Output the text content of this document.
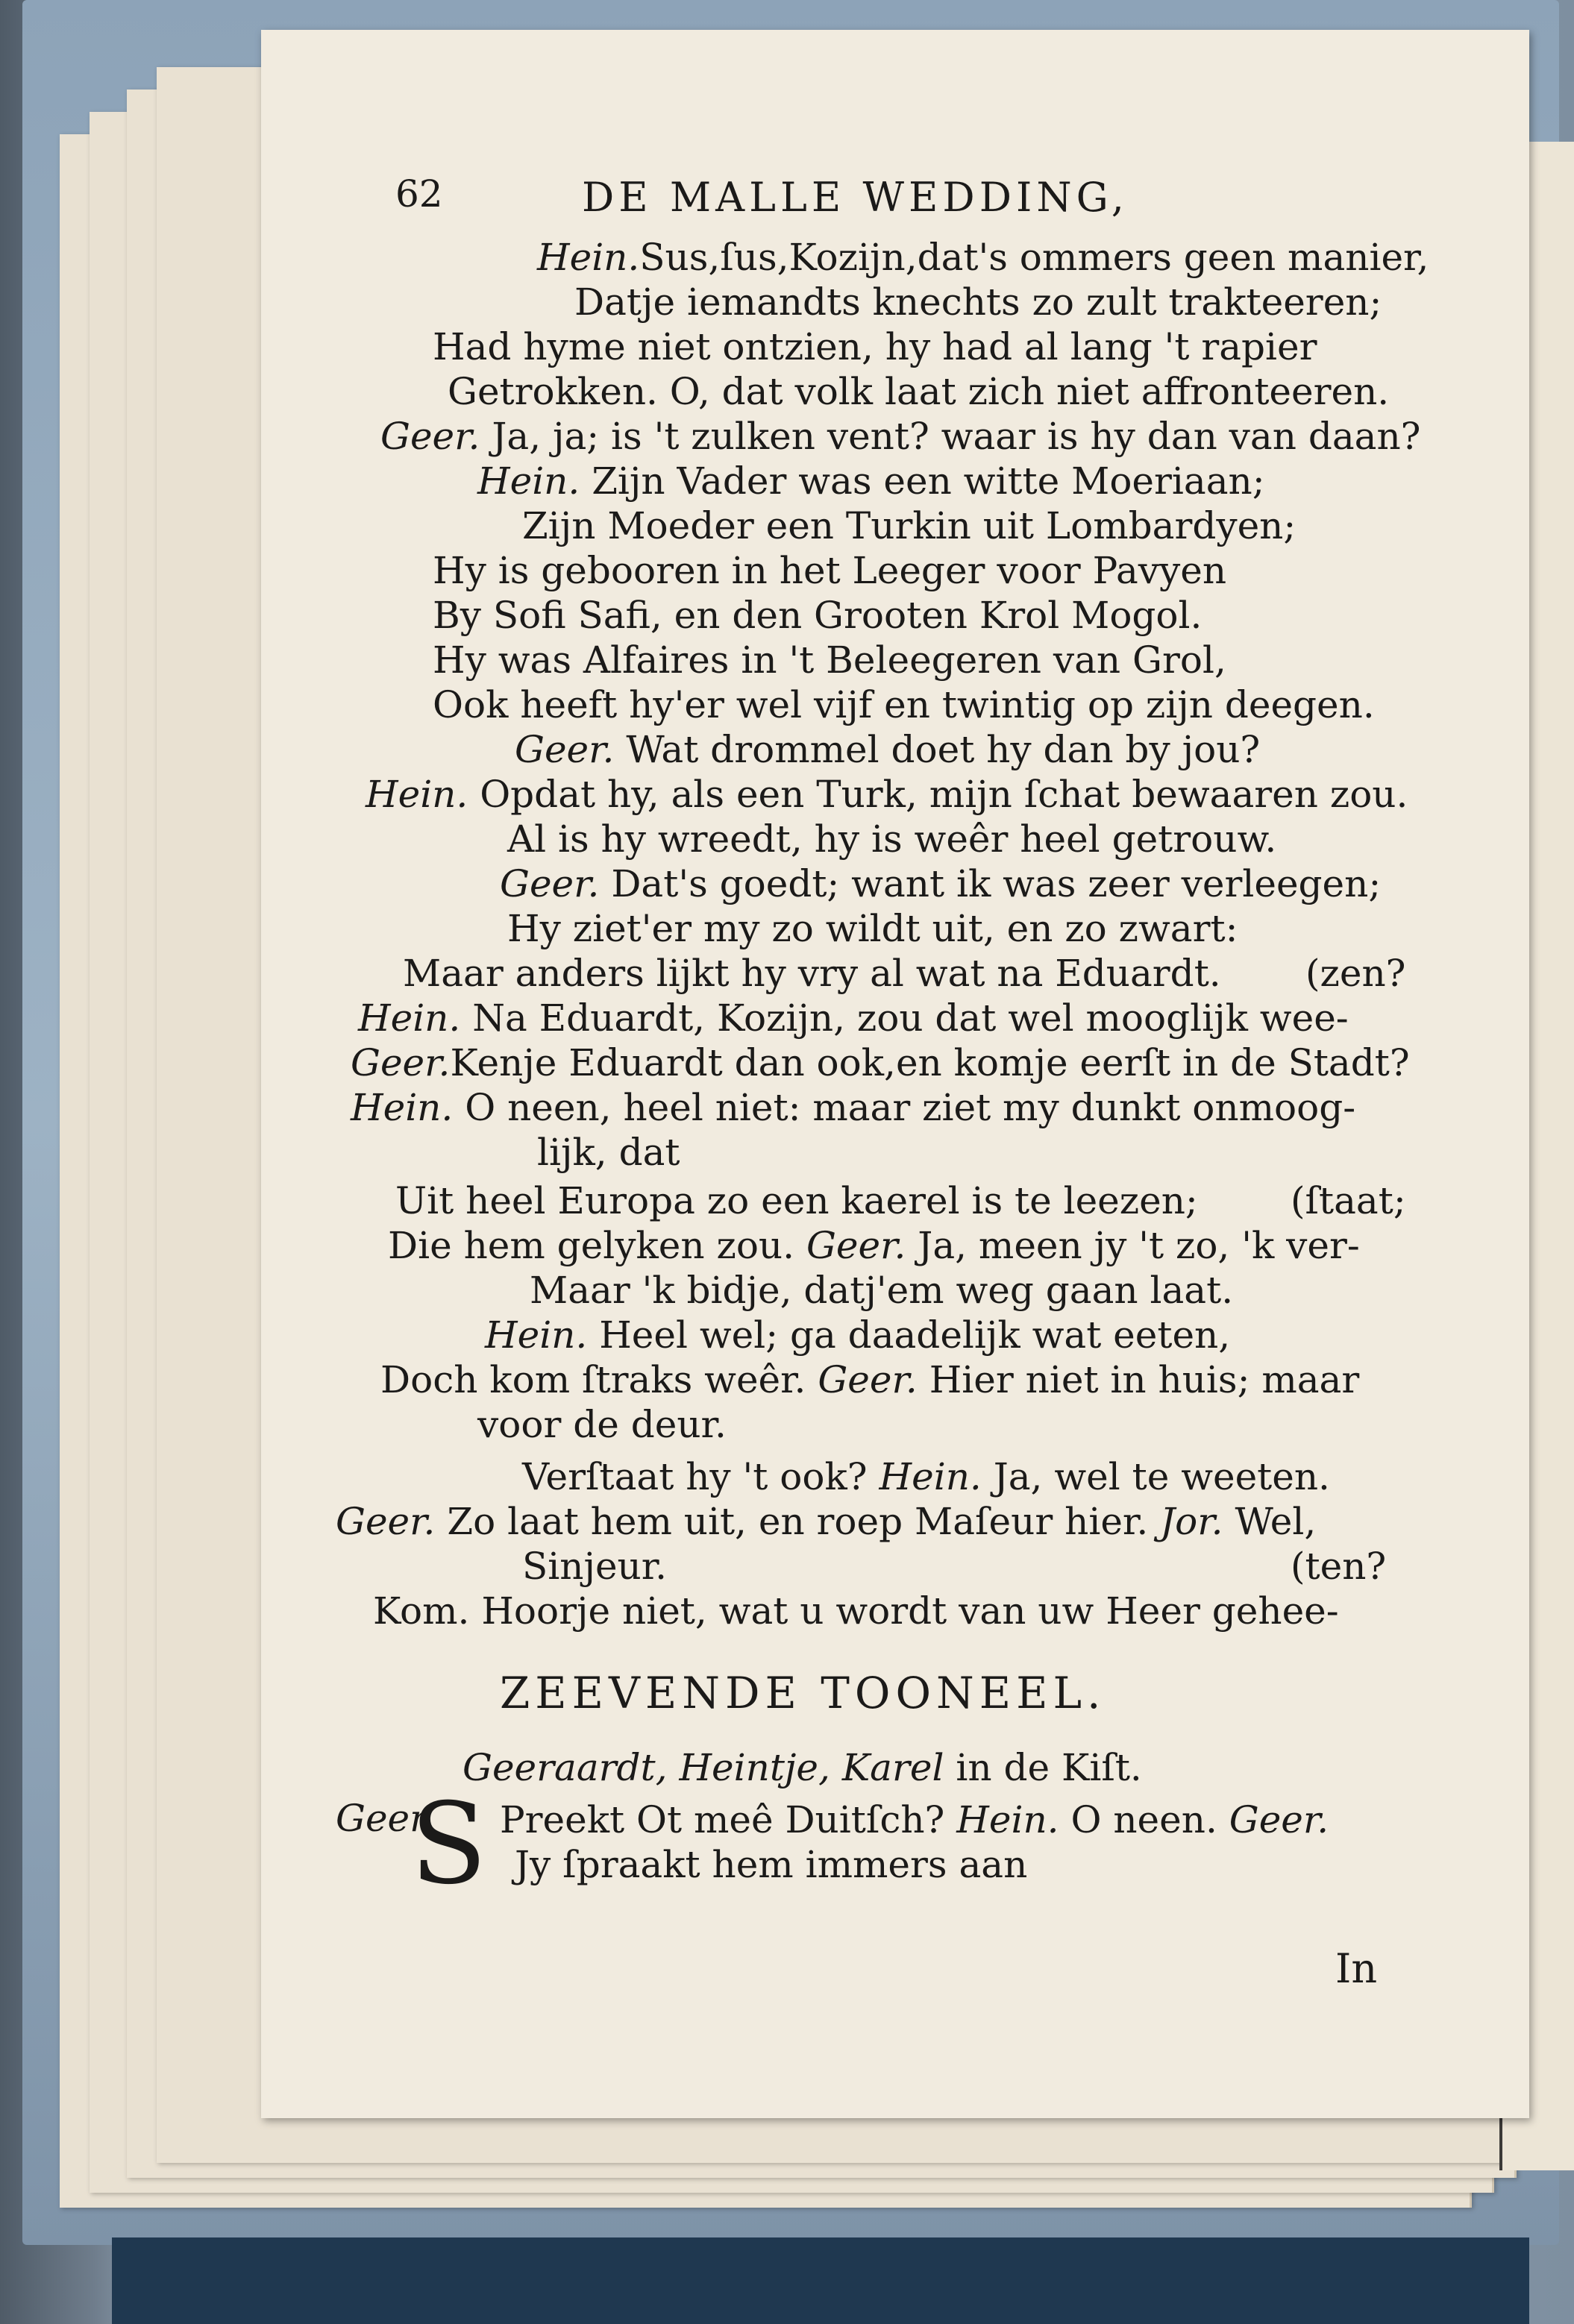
62	DE MALLE WEDDING,
Hein.Sus,ſus,Kozijn,dat's ommers geen manier,
Datje iemandts knechts zo zult trakteeren;
Had hyme niet ontzien, hy had al lang 't rapier
Getrokken. O, dat volk laat zich niet affronteeren.
Geer. Ja, ja; is 't zulken vent? waar is hy dan van daan?
Hein. Zijn Vader was een witte Moeriaan;
Zijn Moeder een Turkin uit Lombardyen;
Hy is gebooren in het Leeger voor Pavyen
By Sofi Safi, en den Grooten Krol Mogol.
Hy was Alfaires in 't Beleegeren van Grol,
Ook heeft hy'er wel vijf en twintig op zijn deegen.
Geer. Wat drommel doet hy dan by jou?
Hein. Opdat hy, als een Turk, mijn ſchat bewaaren zou.
Al is hy wreedt, hy is weêr heel getrouw.
Geer. Dat's goedt; want ik was zeer verleegen;
Hy ziet'er my zo wildt uit, en zo zwart:
Maar anders lijkt hy vry al wat na Eduardt. (zen?
Hein. Na Eduardt, Kozijn, zou dat wel mooglijk wee-
Geer.Kenje Eduardt dan ook,en komje eerſt in de Stadt?
Hein. O neen, heel niet: maar ziet my dunkt onmoog-
lijk, dat
Uit heel Europa zo een kaerel is te leezen; (ſtaat;
Die hem gelyken zou. Geer. Ja, meen jy 't zo, 'k ver-
Maar 'k bidje, datj'em weg gaan laat.
Hein. Heel wel; ga daadelijk wat eeten,
Doch kom ſtraks weêr. Geer. Hier niet in huis; maar
voor de deur.
Verſtaat hy 't ook? Hein. Ja, wel te weeten.
Geer. Zo laat hem uit, en roep Maſeur hier. Jor. Wel,
Sinjeur.	(ten?
Kom. Hoorje niet, wat u wordt van uw Heer gehee-
ZEEVENDE TOONEEL.
Geeraardt, Heintje, Karel in de Kiſt.
Geer
S Preekt Ot meê Duitſch? Hein. O neen. Geer.
Jy ſpraakt hem immers aan
In
